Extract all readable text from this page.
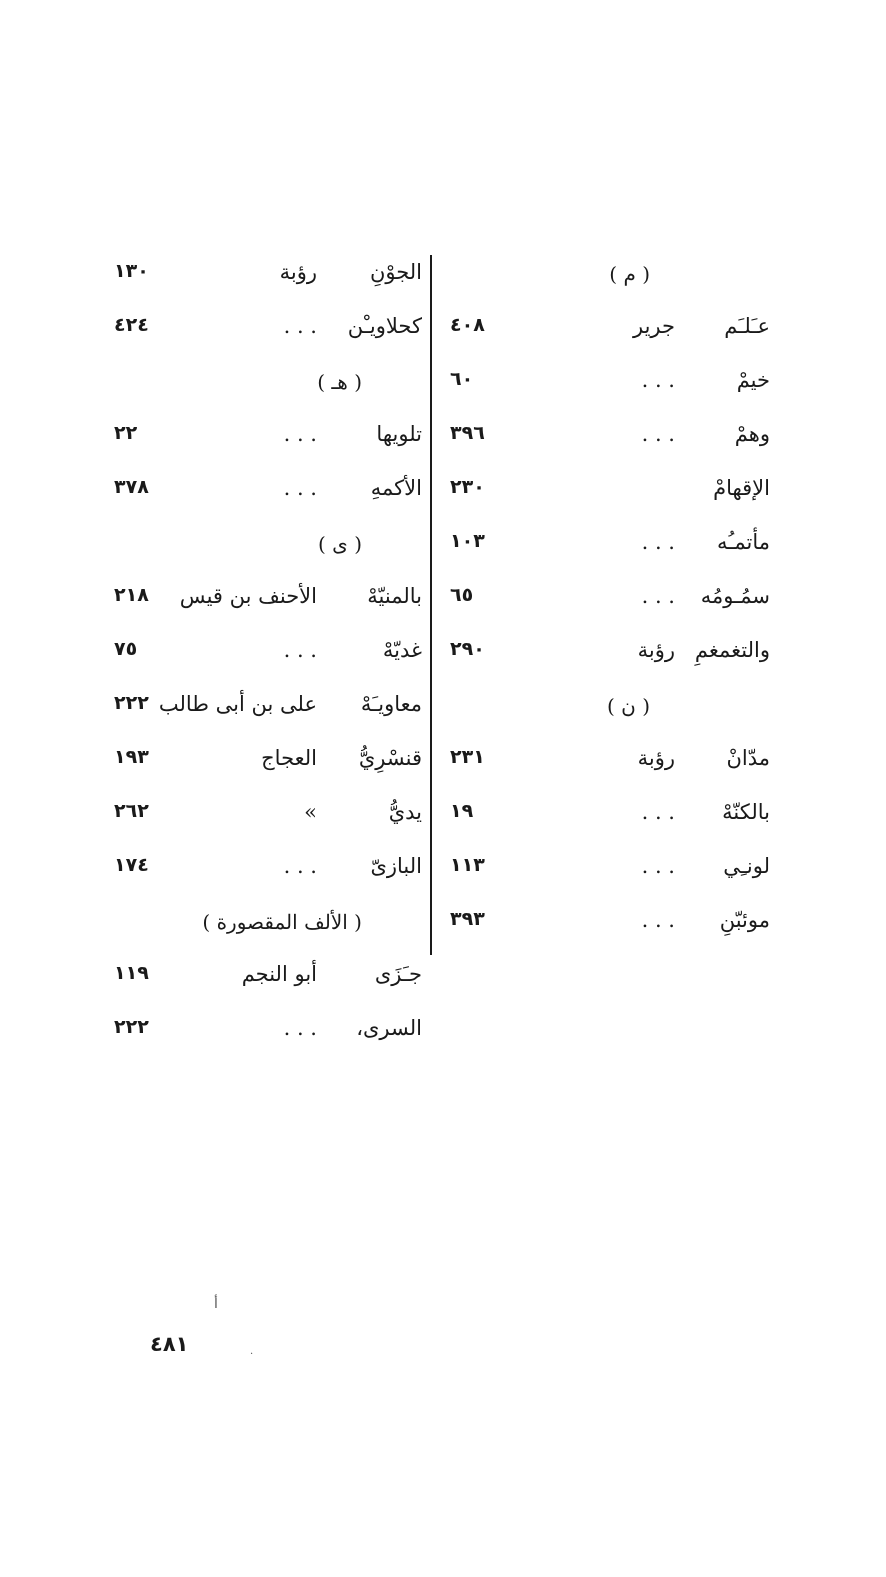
( م )
عـَلـَم
جرير
٤٠٨
خيمْ
. . .
٦٠
وهمْ
. . .
٣٩٦
الإقهامْ
٢٣٠
مأتمـُه
. . .
١٠٣
سمُـومُه
. . .
٦٥
والتغمغمِ
رؤبة
٢٩٠
( ن )
مدّانْ
رؤبة
٢٣١
بالكنّهْ
. . .
١٩
لونـِي
. . .
١١٣
موئبّنِ
. . .
٣٩٣
الجوْنِ
رؤبة
١٣٠
كحلاويـْن
. . .
٤٢٤
( هـ )
تلويها
. . .
٢٢
الأكمهِ
. . .
٣٧٨
( ى )
بالمنيّهْ
الأحنف بن قيس
٢١٨
غديّهْ
. . .
٧٥
معاويـَهْ
على بن أبى طالب
٢٢٢
قنسْرِيُّ
العجاج
١٩٣
يديُّ
»
٢٦٢
البازىّ
. . .
١٧٤
( الألف المقصورة )
جـَزَى
أبو النجم
١١٩
السرى،
. . .
٢٢٢
٤٨١
أ
.
